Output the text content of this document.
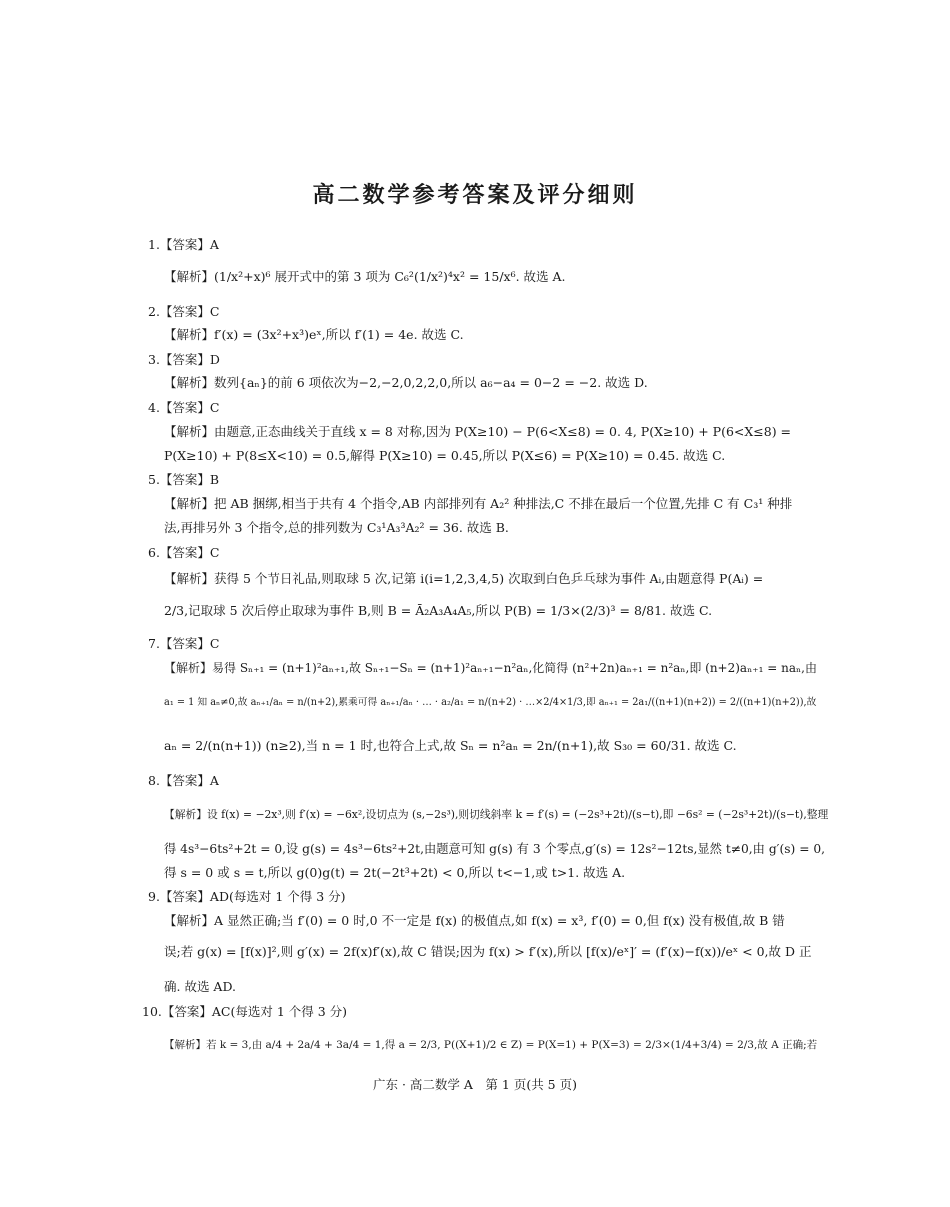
高二数学参考答案及评分细则
1.【答案】A
【解析】(1/x²+x)⁶ 展开式中的第 3 项为 C₆²(1/x²)⁴x² = 15/x⁶. 故选 A.
2.【答案】C
【解析】f′(x) = (3x²+x³)eˣ,所以 f′(1) = 4e. 故选 C.
3.【答案】D
【解析】数列{aₙ}的前 6 项依次为−2,−2,0,2,2,0,所以 a₆−a₄ = 0−2 = −2. 故选 D.
4.【答案】C
【解析】由题意,正态曲线关于直线 x = 8 对称,因为 P(X≥10) − P(6<X≤8) = 0. 4, P(X≥10) + P(6<X≤8) =
P(X≥10) + P(8≤X<10) = 0.5,解得 P(X≥10) = 0.45,所以 P(X≤6) = P(X≥10) = 0.45. 故选 C.
5.【答案】B
【解析】把 AB 捆绑,相当于共有 4 个指令,AB 内部排列有 A₂² 种排法,C 不排在最后一个位置,先排 C 有 C₃¹ 种排
法,再排另外 3 个指令,总的排列数为 C₃¹A₃³A₂² = 36. 故选 B.
6.【答案】C
【解析】获得 5 个节日礼品,则取球 5 次,记第 i(i=1,2,3,4,5) 次取到白色乒乓球为事件 Aᵢ,由题意得 P(Aᵢ) =
2/3,记取球 5 次后停止取球为事件 B,则 B = Ā₂A₃A₄A₅,所以 P(B) = 1/3×(2/3)³ = 8/81. 故选 C.
7.【答案】C
【解析】易得 Sₙ₊₁ = (n+1)²aₙ₊₁,故 Sₙ₊₁−Sₙ = (n+1)²aₙ₊₁−n²aₙ,化简得 (n²+2n)aₙ₊₁ = n²aₙ,即 (n+2)aₙ₊₁ = naₙ,由
a₁ = 1 知 aₙ≠0,故 aₙ₊₁/aₙ = n/(n+2),累乘可得 aₙ₊₁/aₙ · … · a₂/a₁ = n/(n+2) · …×2/4×1/3,即 aₙ₊₁ = 2a₁/((n+1)(n+2)) = 2/((n+1)(n+2)),故
aₙ = 2/(n(n+1)) (n≥2),当 n = 1 时,也符合上式,故 Sₙ = n²aₙ = 2n/(n+1),故 S₃₀ = 60/31. 故选 C.
8.【答案】A
【解析】设 f(x) = −2x³,则 f′(x) = −6x²,设切点为 (s,−2s³),则切线斜率 k = f′(s) = (−2s³+2t)/(s−t),即 −6s² = (−2s³+2t)/(s−t),整理
得 4s³−6ts²+2t = 0,设 g(s) = 4s³−6ts²+2t,由题意可知 g(s) 有 3 个零点,g′(s) = 12s²−12ts,显然 t≠0,由 g′(s) = 0,
得 s = 0 或 s = t,所以 g(0)g(t) = 2t(−2t³+2t) < 0,所以 t<−1,或 t>1. 故选 A.
9.【答案】AD(每选对 1 个得 3 分)
【解析】A 显然正确;当 f′(0) = 0 时,0 不一定是 f(x) 的极值点,如 f(x) = x³, f′(0) = 0,但 f(x) 没有极值,故 B 错
误;若 g(x) = [f(x)]²,则 g′(x) = 2f(x)f′(x),故 C 错误;因为 f(x) > f′(x),所以 [f(x)/eˣ]′ = (f′(x)−f(x))/eˣ < 0,故 D 正
确. 故选 AD.
10.【答案】AC(每选对 1 个得 3 分)
【解析】若 k = 3,由 a/4 + 2a/4 + 3a/4 = 1,得 a = 2/3, P((X+1)/2 ∈ Z) = P(X=1) + P(X=3) = 2/3×(1/4+3/4) = 2/3,故 A 正确;若
广东 · 高二数学 A　第 1 页(共 5 页)
